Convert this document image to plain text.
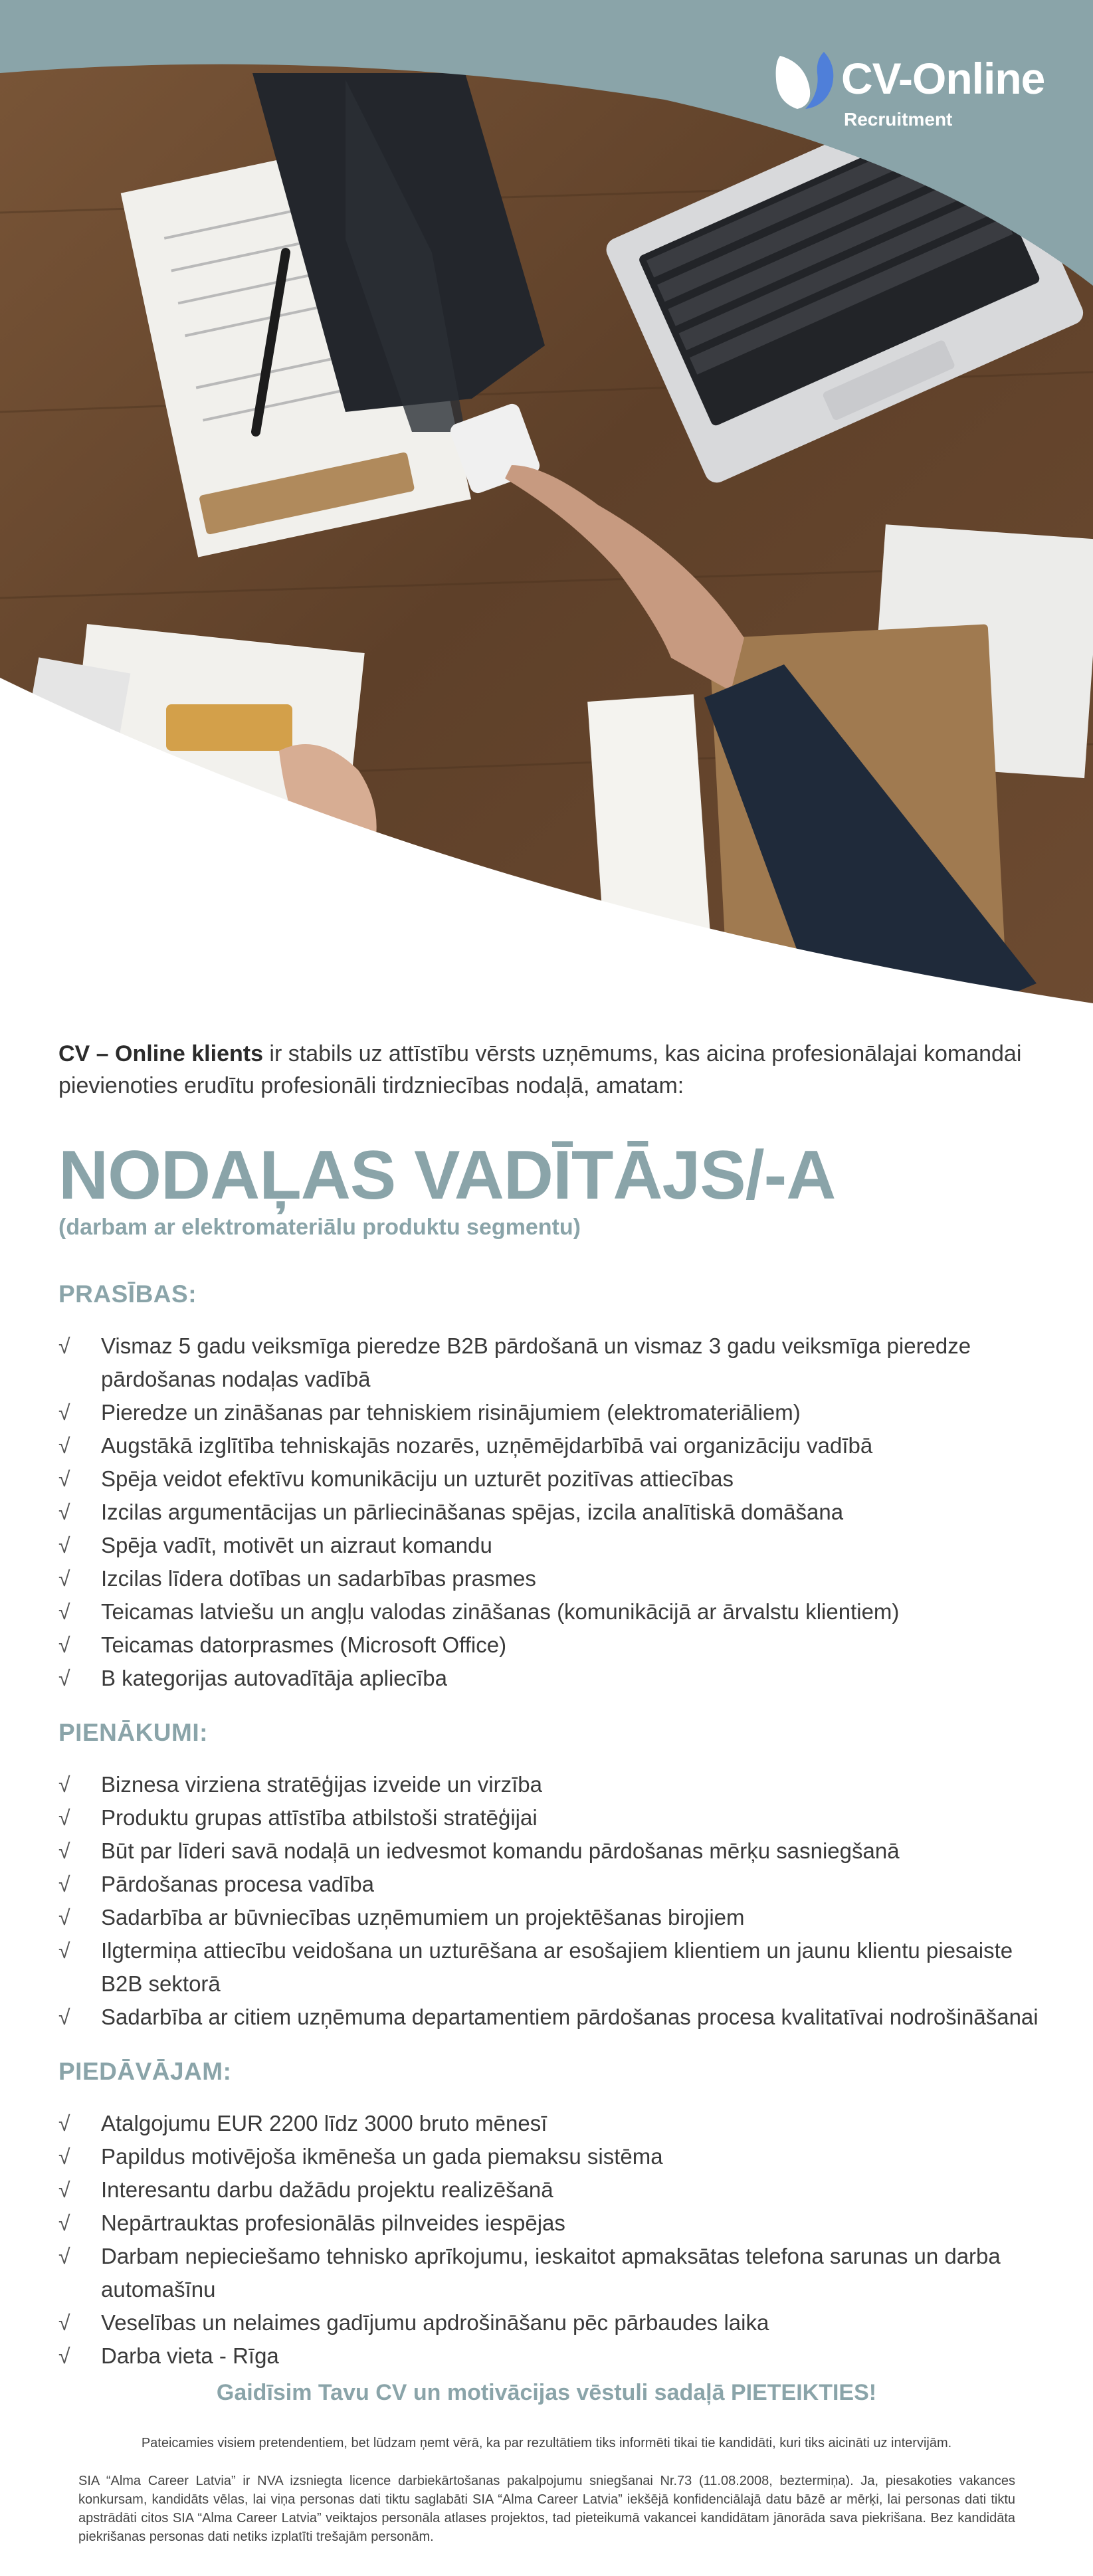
CV-Online
Recruitment

CV – Online klients ir stabils uz attīstību vērsts uzņēmums, kas aicina profesionālajai komandai pievienoties erudītu profesionāli tirdzniecības nodaļā, amatam:

NODAĻAS VADĪTĀJS/-A
(darbam ar elektromateriālu produktu segmentu)
PRASĪBAS:
√ Vismaz 5 gadu veiksmīga pieredze B2B pārdošanā un vismaz 3 gadu veiksmīga pieredze pārdošanas nodaļas vadībā
√ Pieredze un zināšanas par tehniskiem risinājumiem (elektromateriāliem)
√ Augstākā izglītība tehniskajās nozarēs, uzņēmējdarbībā vai organizāciju vadībā
√ Spēja veidot efektīvu komunikāciju un uzturēt pozitīvas attiecības
√ Izcilas argumentācijas un pārliecināšanas spējas, izcila analītiskā domāšana
√ Spēja vadīt, motivēt un aizraut komandu
√ Izcilas līdera dotības un sadarbības prasmes
√ Teicamas latviešu un angļu valodas zināšanas (komunikācijā ar ārvalstu klientiem)
√ Teicamas datorprasmes (Microsoft Office)
√ B kategorijas autovadītāja apliecība
PIENĀKUMI:
√ Biznesa virziena stratēģijas izveide un virzība
√ Produktu grupas attīstība atbilstoši stratēģijai
√ Būt par līderi savā nodaļā un iedvesmot komandu pārdošanas mērķu sasniegšanā
√ Pārdošanas procesa vadība
√ Sadarbība ar būvniecības uzņēmumiem un projektēšanas birojiem
√ Ilgtermiņa attiecību veidošana un uzturēšana ar esošajiem klientiem un jaunu klientu piesaiste B2B sektorā
√ Sadarbība ar citiem uzņēmuma departamentiem pārdošanas procesa kvalitatīvai nodrošināšanai
PIEDĀVĀJAM:
√ Atalgojumu EUR 2200 līdz 3000 bruto mēnesī
√ Papildus motivējoša ikmēneša un gada piemaksu sistēma
√ Interesantu darbu dažādu projektu realizēšanā
√ Nepārtrauktas profesionālās pilnveides iespējas
√ Darbam nepieciešamo tehnisko aprīkojumu, ieskaitot apmaksātas telefona sarunas un darba automašīnu
√ Veselības un nelaimes gadījumu apdrošināšanu pēc pārbaudes laika
√ Darba vieta - Rīga
Gaidīsim Tavu CV un motivācijas vēstuli sadaļā PIETEIKTIES!
Pateicamies visiem pretendentiem, bet lūdzam ņemt vērā, ka par rezultātiem tiks informēti tikai tie kandidāti, kuri tiks aicināti uz intervijām.
SIA “Alma Career Latvia” ir NVA izsniegta licence darbiekārtošanas pakalpojumu sniegšanai Nr.73 (11.08.2008, beztermiņa). Ja, piesakoties vakances konkursam, kandidāts vēlas, lai viņa personas dati tiktu saglabāti SIA “Alma Career Latvia” iekšējā konfidenciālajā datu bāzē ar mērķi, lai personas dati tiktu apstrādāti citos SIA “Alma Career Latvia” veiktajos personāla atlases projektos, tad pieteikumā vakancei kandidātam jānorāda sava piekrišana. Bez kandidāta piekrišanas personas dati netiks izplatīti trešajām personām.
